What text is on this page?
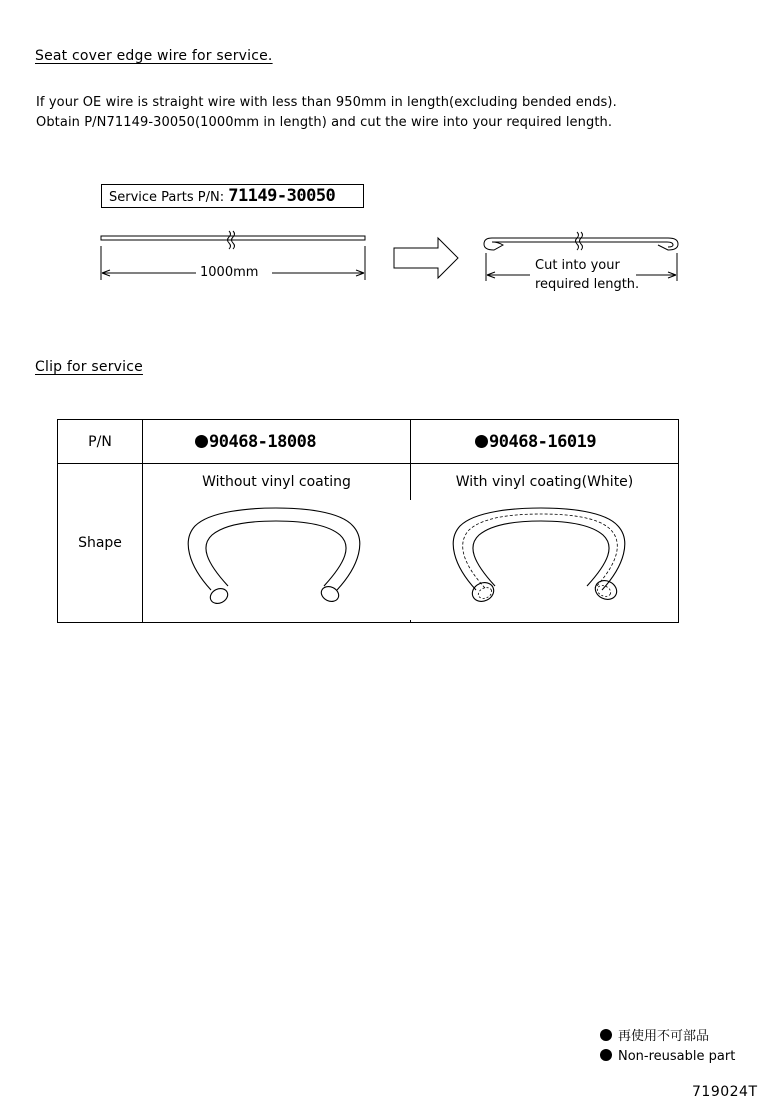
Seat cover edge wire for service.
If your OE wire is straight wire with less than 950mm in length(excluding bended ends).
Obtain P/N71149-30050(1000mm in length) and cut the wire into your required length.
Service Parts P/N: 71149-30050
1000mm	Cut into your
required length.
Clip for service
P/N	90468-18008	90468-16019
Shape	Without vinyl coating	With vinyl coating(White)
再使用不可部品
Non-reusable part
719024T
